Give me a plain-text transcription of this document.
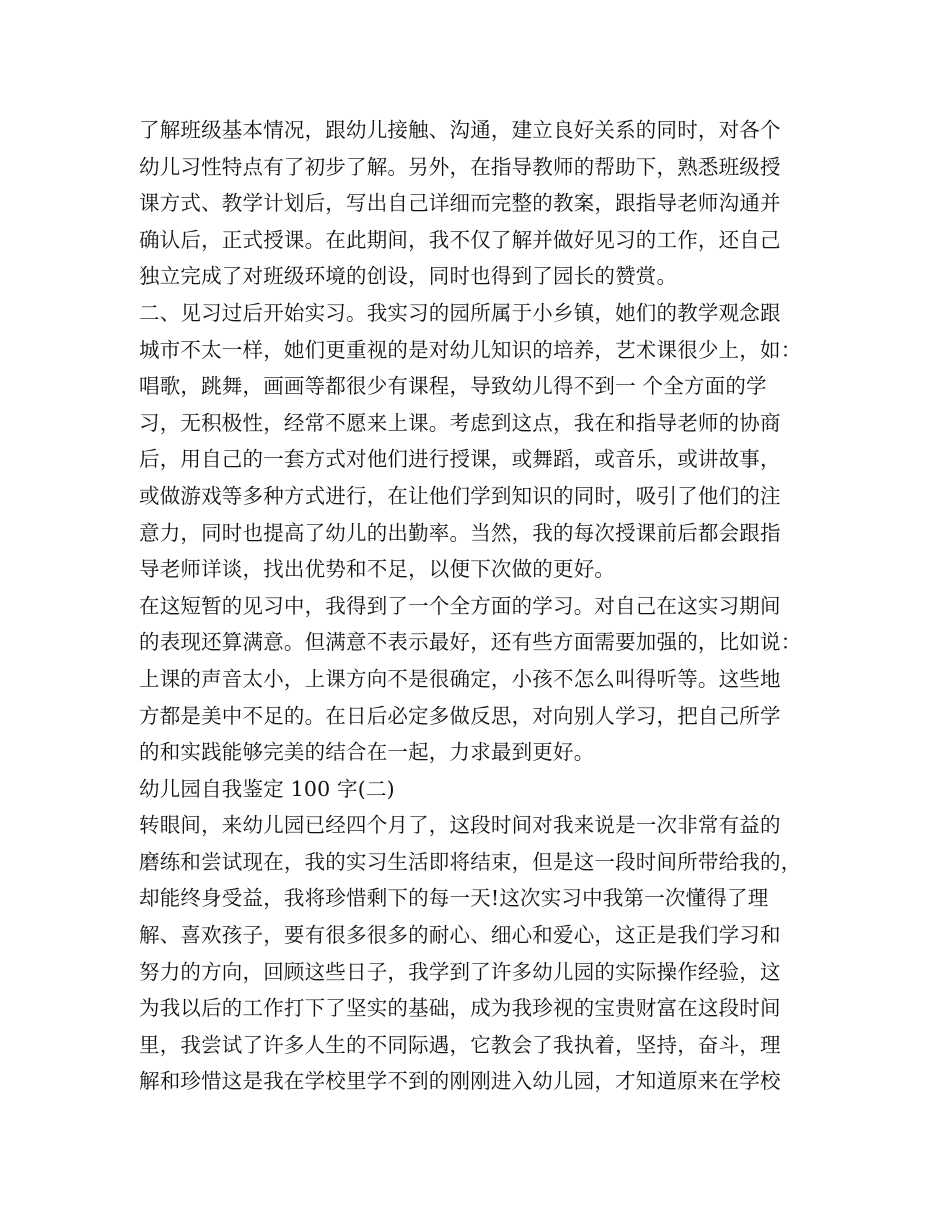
了解班级基本情况，跟幼儿接触、沟通，建立良好关系的同时，对各个
幼儿习性特点有了初步了解。另外，在指导教师的帮助下，熟悉班级授
课方式、教学计划后，写出自己详细而完整的教案，跟指导老师沟通并
确认后，正式授课。在此期间，我不仅了解并做好见习的工作，还自己
独立完成了对班级环境的创设，同时也得到了园长的赞赏。
二、见习过后开始实习。我实习的园所属于小乡镇，她们的教学观念跟
城市不太一样，她们更重视的是对幼儿知识的培养，艺术课很少上，如：
唱歌，跳舞，画画等都很少有课程，导致幼儿得不到一 个全方面的学
习，无积极性，经常不愿来上课。考虑到这点，我在和指导老师的协商
后，用自己的一套方式对他们进行授课，或舞蹈，或音乐，或讲故事，
或做游戏等多种方式进行，在让他们学到知识的同时，吸引了他们的注
意力，同时也提高了幼儿的出勤率。当然，我的每次授课前后都会跟指
导老师详谈，找出优势和不足，以便下次做的更好。
在这短暂的见习中，我得到了一个全方面的学习。对自己在这实习期间
的表现还算满意。但满意不表示最好，还有些方面需要加强的，比如说：
上课的声音太小，上课方向不是很确定，小孩不怎么叫得听等。这些地
方都是美中不足的。在日后必定多做反思，对向别人学习，把自己所学
的和实践能够完美的结合在一起，力求最到更好。
幼儿园自我鉴定 100 字(二)
转眼间，来幼儿园已经四个月了，这段时间对我来说是一次非常有益的
磨练和尝试现在，我的实习生活即将结束，但是这一段时间所带给我的，
却能终身受益，我将珍惜剩下的每一天!这次实习中我第一次懂得了理
解、喜欢孩子，要有很多很多的耐心、细心和爱心，这正是我们学习和
努力的方向，回顾这些日子，我学到了许多幼儿园的实际操作经验，这
为我以后的工作打下了坚实的基础，成为我珍视的宝贵财富在这段时间
里，我尝试了许多人生的不同际遇，它教会了我执着，坚持，奋斗，理
解和珍惜这是我在学校里学不到的刚刚进入幼儿园，才知道原来在学校
